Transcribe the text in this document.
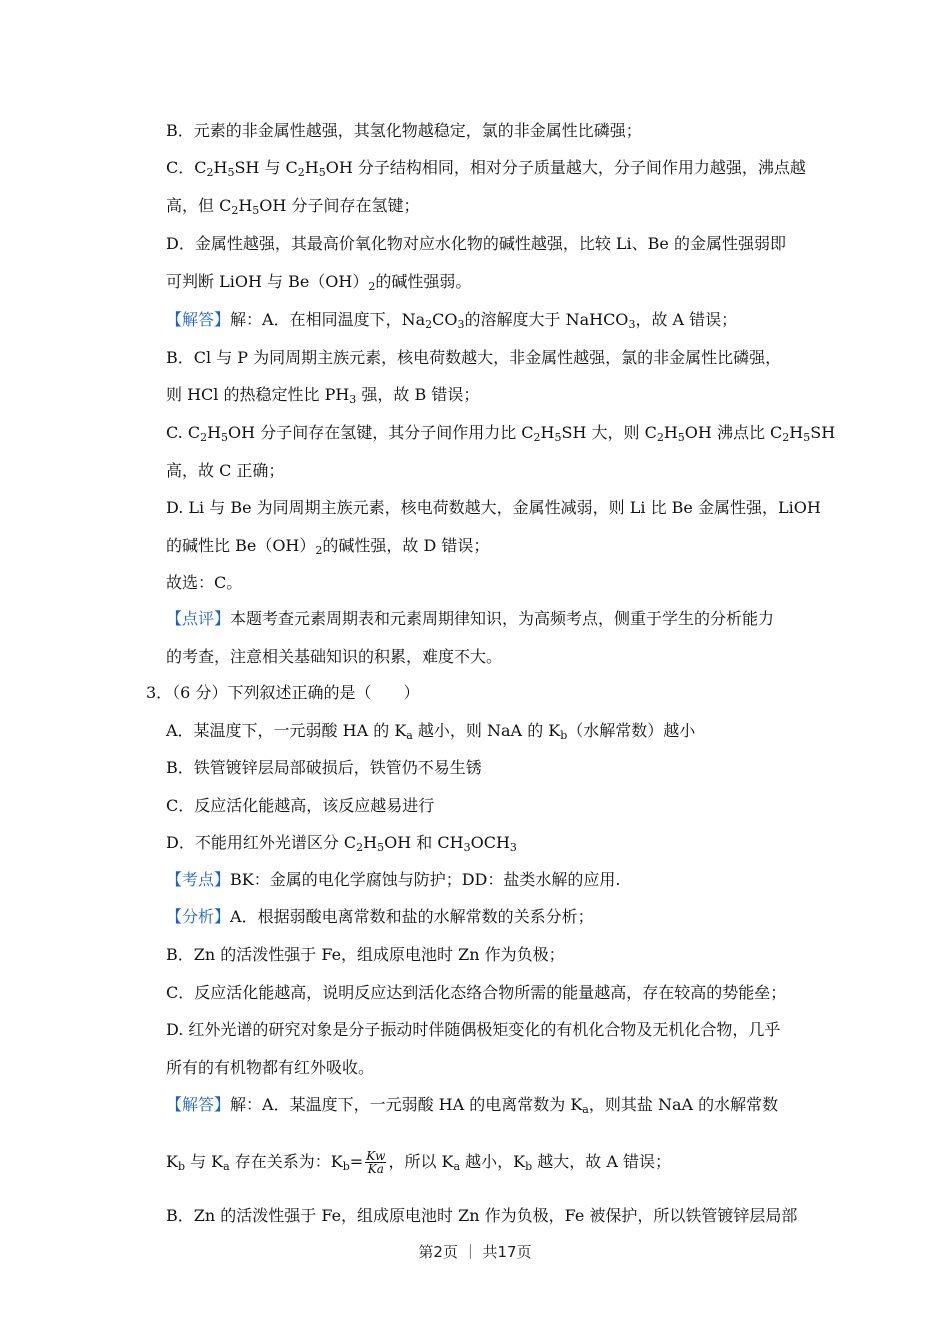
B．元素的非金属性越强，其氢化物越稳定，氯的非金属性比磷强；
C．$C_2H_5SH$ 与 $C_2H_5OH$ 分子结构相同，相对分子质量越大，分子间作用力越强，沸点越
高，但 $C_2H_5OH$ 分子间存在氢键；
D．金属性越强，其最高价氧化物对应水化物的碱性越强，比较 Li、Be 的金属性强弱即
可判断 LiOH 与 $Be(OH)_2$的碱性强弱。
【解答】解：A．在相同温度下，$Na_2CO_3$的溶解度大于 NaHCO$_3$，故 A 错误；
B．Cl 与 P 为同周期主族元素，核电荷数越大，非金属性越强，氯的非金属性比磷强，
则 HCl 的热稳定性比 $PH_3$ 强，故 B 错误；
C. $C_2H_5OH$ 分子间存在氢键，其分子间作用力比 $C_2H_5SH$ 大，则 $C_2H_5OH$ 沸点比 $C_2H_5SH$
高，故 C 正确；
D. Li 与 Be 为同周期主族元素，核电荷数越大，金属性减弱，则 Li 比 Be 金属性强，LiOH
的碱性比 $Be(OH)_2$的碱性强，故 D 错误；
故选：C。
【点评】本题考查元素周期表和元素周期律知识，为高频考点，侧重于学生的分析能力
的考查，注意相关基础知识的积累，难度不大。
3．（6 分）下列叙述正确的是（　　）
A．某温度下，一元弱酸 HA 的 $K_a$ 越小，则 NaA 的 $K_b$（水解常数）越小
B．铁管镀锌层局部破损后，铁管仍不易生锈
C．反应活化能越高，该反应越易进行
D．不能用红外光谱区分 $C_2H_5OH$ 和 $CH_3OCH_3$
【考点】BK：金属的电化学腐蚀与防护；DD：盐类水解的应用.
【分析】A．根据弱酸电离常数和盐的水解常数的关系分析；
B．Zn 的活泼性强于 Fe，组成原电池时 Zn 作为负极；
C．反应活化能越高，说明反应达到活化态络合物所需的能量越高，存在较高的势能垒；
D. 红外光谱的研究对象是分子振动时伴随偶极矩变化的有机化合物及无机化合物，几乎
所有的有机物都有红外吸收。
【解答】解：A．某温度下，一元弱酸 HA 的电离常数为 $K_a$，则其盐 NaA 的水解常数
$K_b$ 与 $K_a$ 存在关系为：$K_b= \frac{Kw}{Ka}$ ，所以 $K_a$ 越小，$K_b$ 越大，故 A 错误；
B．Zn 的活泼性强于 Fe，组成原电池时 Zn 作为负极，Fe 被保护，所以铁管镀锌层局部
第2页 ｜ 共17页
